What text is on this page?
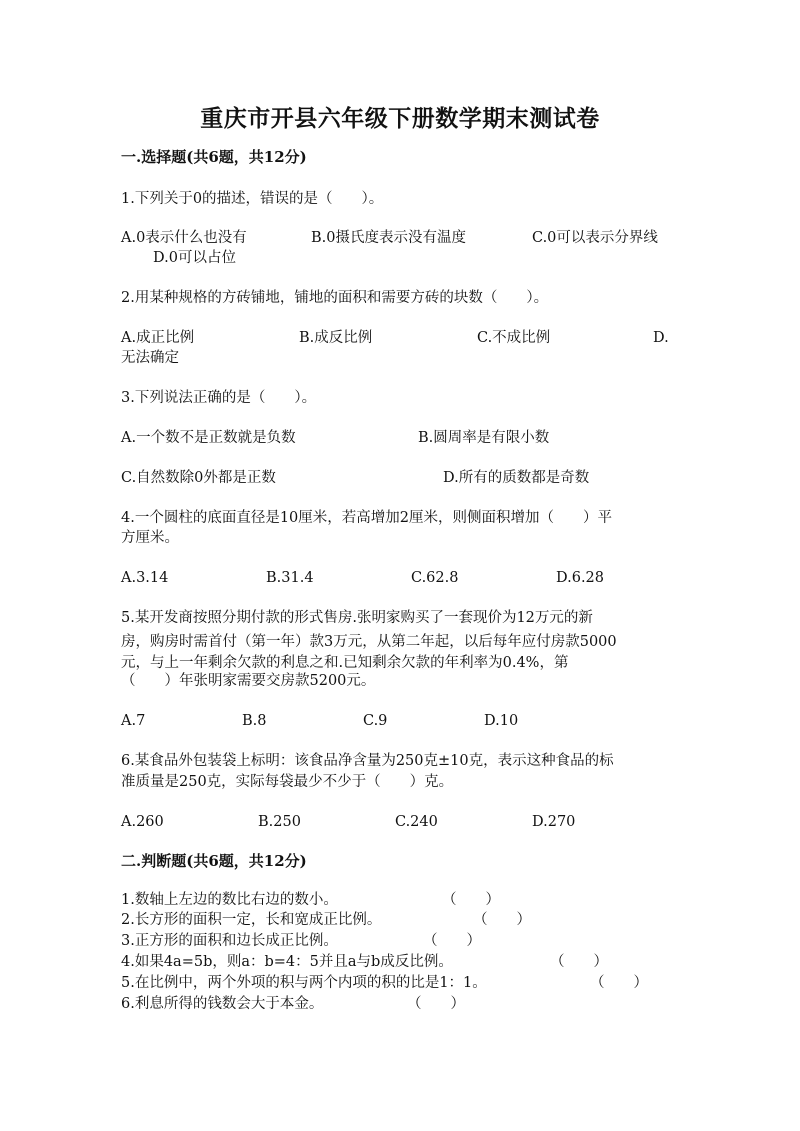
重庆市开县六年级下册数学期末测试卷
一.选择题(共6题，共12分)
1.下列关于0的描述，错误的是（　　）。
A.0表示什么也没有	B.0摄氏度表示没有温度	C.0可以表示分界线
D.0可以占位
2.用某种规格的方砖铺地，铺地的面积和需要方砖的块数（　　）。
A.成正比例	B.成反比例	C.不成比例	D.
无法确定
3.下列说法正确的是（　　）。
A.一个数不是正数就是负数	B.圆周率是有限小数
C.自然数除0外都是正数	D.所有的质数都是奇数
4.一个圆柱的底面直径是10厘米，若高增加2厘米，则侧面积增加（　　）平
方厘米。
A.3.14	B.31.4	C.62.8	D.6.28
5.某开发商按照分期付款的形式售房.张明家购买了一套现价为12万元的新
房，购房时需首付（第一年）款3万元，从第二年起，以后每年应付房款5000
元，与上一年剩余欠款的利息之和.已知剩余欠款的年利率为0.4%，第
（　　）年张明家需要交房款5200元。
A.7	B.8	C.9	D.10
6.某食品外包装袋上标明：该食品净含量为250克±10克，表示这种食品的标
准质量是250克，实际每袋最少不少于（　　）克。
A.260	B.250	C.240	D.270
二.判断题(共6题，共12分)
1.数轴上左边的数比右边的数小。	（　　）
2.长方形的面积一定，长和宽成正比例。	（　　）
3.正方形的面积和边长成正比例。	（　　）
4.如果4a=5b，则a：b=4：5并且a与b成反比例。	（　　）
5.在比例中，两个外项的积与两个内项的积的比是1：1。	（　　）
6.利息所得的钱数会大于本金。	（　　）
